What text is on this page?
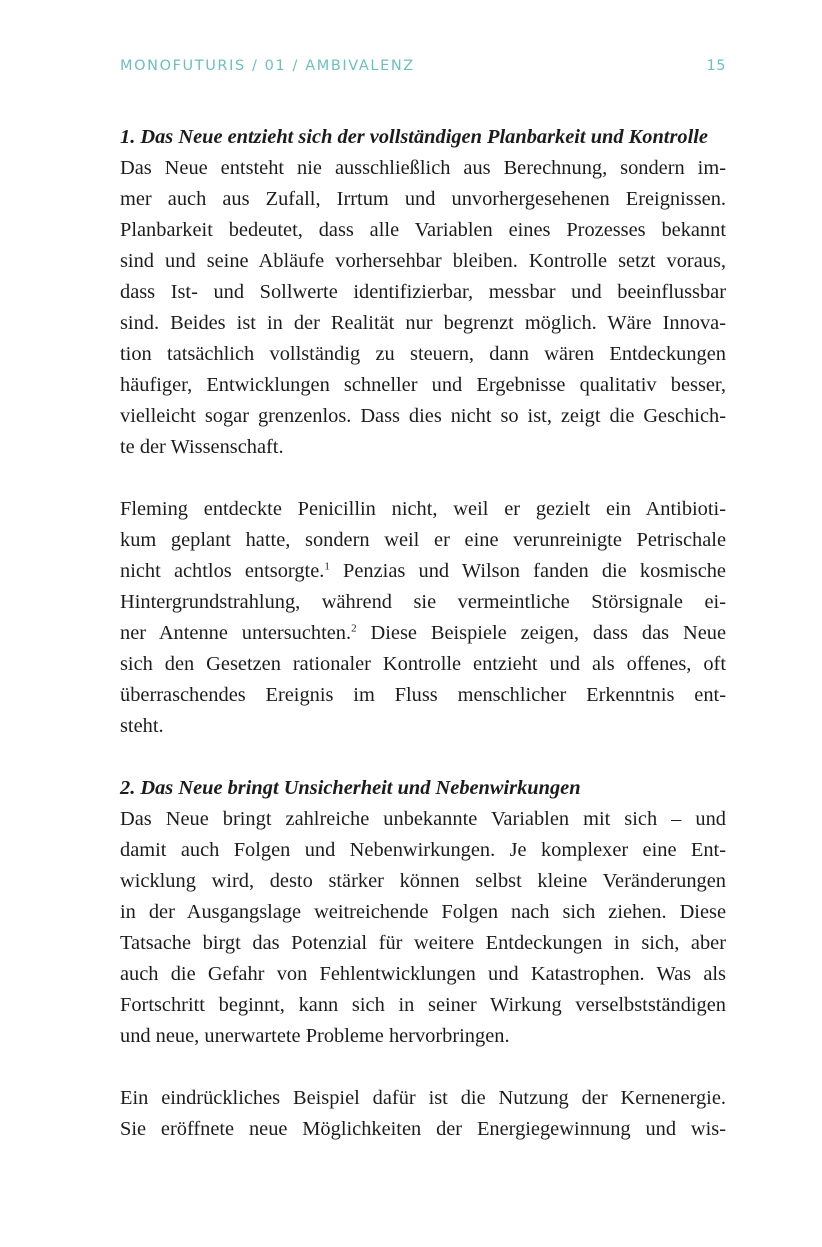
MONOFUTURIS / 01 / AMBIVALENZ	15
1. Das Neue entzieht sich der vollständigen Planbarkeit und Kontrolle

Das Neue entsteht nie ausschließlich aus Berechnung, sondern im-
mer auch aus Zufall, Irrtum und unvorhergesehenen Ereignissen.
Planbarkeit bedeutet, dass alle Variablen eines Prozesses bekannt
sind und seine Abläufe vorhersehbar bleiben. Kontrolle setzt voraus,
dass Ist- und Sollwerte identifizierbar, messbar und beeinflussbar
sind. Beides ist in der Realität nur begrenzt möglich. Wäre Innova-
tion tatsächlich vollständig zu steuern, dann wären Entdeckungen
häufiger, Entwicklungen schneller und Ergebnisse qualitativ besser,
vielleicht sogar grenzenlos. Dass dies nicht so ist, zeigt die Geschich-
te der Wissenschaft.

Fleming entdeckte Penicillin nicht, weil er gezielt ein Antibioti-
kum geplant hatte, sondern weil er eine verunreinigte Petrischale
nicht achtlos entsorgte.$^1$ Penzias und Wilson fanden die kosmische
Hintergrundstrahlung, während sie vermeintliche Störsignale ei-
ner Antenne untersuchten.$^2$ Diese Beispiele zeigen, dass das Neue
sich den Gesetzen rationaler Kontrolle entzieht und als offenes, oft
überraschendes Ereignis im Fluss menschlicher Erkenntnis ent-
steht.

2. Das Neue bringt Unsicherheit und Nebenwirkungen

Das Neue bringt zahlreiche unbekannte Variablen mit sich – und
damit auch Folgen und Nebenwirkungen. Je komplexer eine Ent-
wicklung wird, desto stärker können selbst kleine Veränderungen
in der Ausgangslage weitreichende Folgen nach sich ziehen. Diese
Tatsache birgt das Potenzial für weitere Entdeckungen in sich, aber
auch die Gefahr von Fehlentwicklungen und Katastrophen. Was als
Fortschritt beginnt, kann sich in seiner Wirkung verselbstständigen
und neue, unerwartete Probleme hervorbringen.

Ein eindrückliches Beispiel dafür ist die Nutzung der Kernenergie.
Sie eröffnete neue Möglichkeiten der Energiegewinnung und wis-
